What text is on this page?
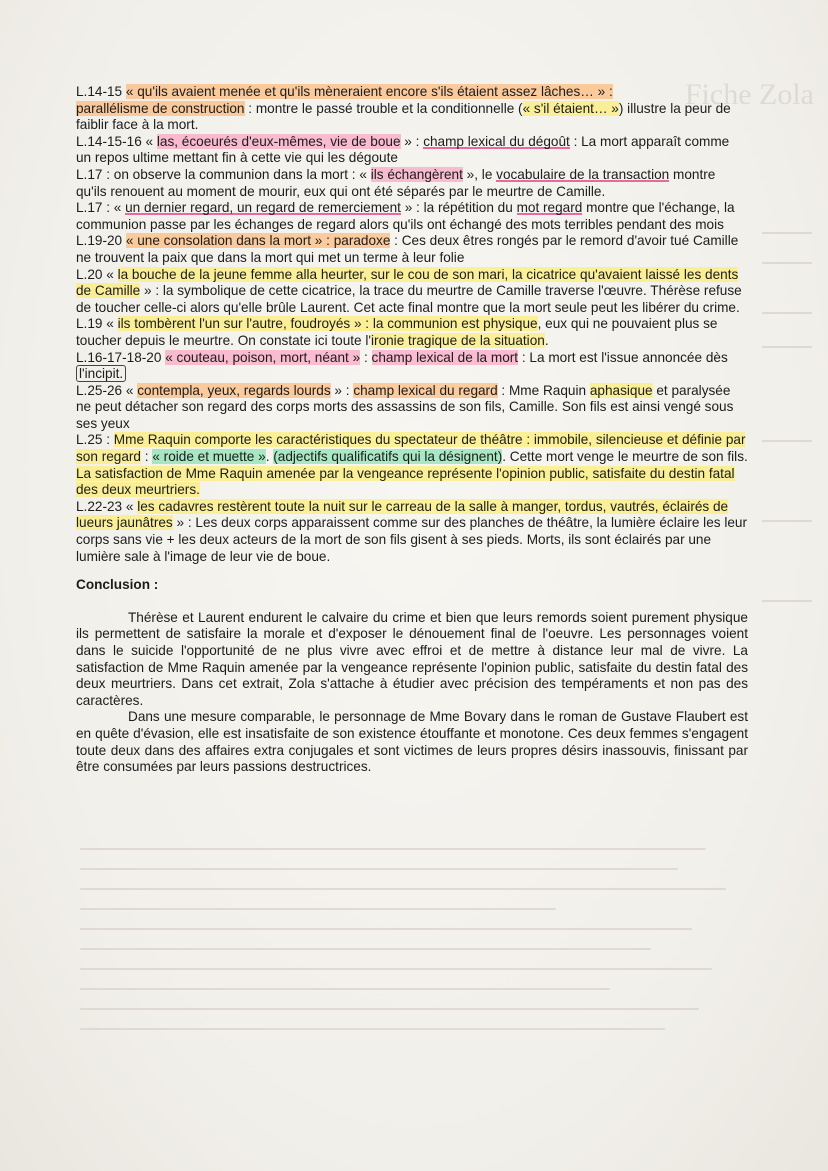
Fiche Zola

L.14-15 « qu'ils avaient menée et qu'ils mèneraient encore s'ils étaient assez lâches… » :

parallélisme de construction : montre le passé trouble et la conditionnelle (« s'il étaient… ») illustre la peur de faiblir face à la mort.

L.14-15-16 « las, écoeurés d'eux-mêmes, vie de boue » : champ lexical du dégoût : La mort apparaît comme un repos ultime mettant fin à cette vie qui les dégoute

L.17 : on observe la communion dans la mort : « ils échangèrent », le vocabulaire de la transaction montre qu'ils renouent au moment de mourir, eux qui ont été séparés par le meurtre de Camille.

L.17 : « un dernier regard, un regard de remerciement » : la répétition du mot regard montre que l'échange, la communion passe par les échanges de regard alors qu'ils ont échangé des mots terribles pendant des mois

L.19-20 « une consolation dans la mort » : paradoxe : Ces deux êtres rongés par le remord d'avoir tué Camille ne trouvent la paix que dans la mort qui met un terme à leur folie

L.20 « la bouche de la jeune femme alla heurter, sur le cou de son mari, la cicatrice qu'avaient laissé les dents de Camille » : la symbolique de cette cicatrice, la trace du meurtre de Camille traverse l'œuvre. Thérèse refuse de toucher celle-ci alors qu'elle brûle Laurent. Cet acte final montre que la mort seule peut les libérer du crime.

L.19 « ils tombèrent l'un sur l'autre, foudroyés » : la communion est physique, eux qui ne pouvaient plus se toucher depuis le meurtre. On constate ici toute l'ironie tragique de la situation.

L.16-17-18-20 « couteau, poison, mort, néant » : champ lexical de la mort : La mort est l'issue annoncée dès l'incipit.

L.25-26 « contempla, yeux, regards lourds » : champ lexical du regard : Mme Raquin aphasique et paralysée ne peut détacher son regard des corps morts des assassins de son fils, Camille. Son fils est ainsi vengé sous ses yeux

L.25 : Mme Raquin comporte les caractéristiques du spectateur de théâtre : immobile, silencieuse et définie par son regard : « roide et muette ». (adjectifs qualificatifs qui la désignent). Cette mort venge le meurtre de son fils. La satisfaction de Mme Raquin amenée par la vengeance représente l'opinion public, satisfaite du destin fatal des deux meurtriers.

L.22-23 « les cadavres restèrent toute la nuit sur le carreau de la salle à manger, tordus, vautrés, éclairés de lueurs jaunâtres » : Les deux corps apparaissent comme sur des planches de théâtre, la lumière éclaire les leur corps sans vie + les deux acteurs de la mort de son fils gisent à ses pieds. Morts, ils sont éclairés par une lumière sale à l'image de leur vie de boue.

Conclusion :

Thérèse et Laurent endurent le calvaire du crime et bien que leurs remords soient purement physique ils permettent de satisfaire la morale et d'exposer le dénouement final de l'oeuvre. Les personnages voient dans le suicide l'opportunité de ne plus vivre avec effroi et de mettre à distance leur mal de vivre. La satisfaction de Mme Raquin amenée par la vengeance représente l'opinion public, satisfaite du destin fatal des deux meurtriers. Dans cet extrait, Zola s'attache à étudier avec précision des tempéraments et non pas des caractères.

Dans une mesure comparable, le personnage de Mme Bovary dans le roman de Gustave Flaubert est en quête d'évasion, elle est insatisfaite de son existence étouffante et monotone. Ces deux femmes s'engagent toute deux dans des affaires extra conjugales et sont victimes de leurs propres désirs inassouvis, finissant par être consumées par leurs passions destructrices.
